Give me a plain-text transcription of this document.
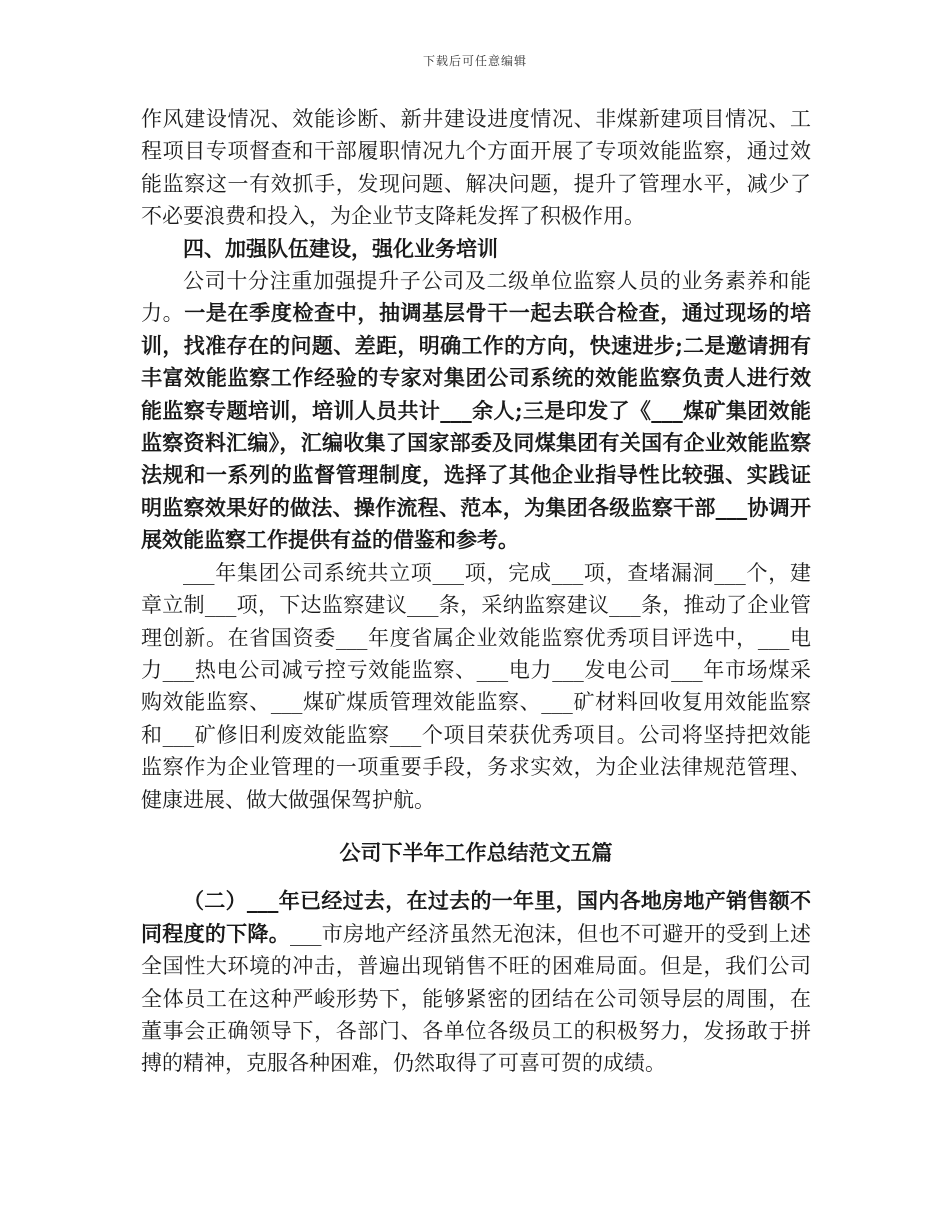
下载后可任意编辑

作风建设情况、效能诊断、新井建设进度情况、非煤新建项目情况、工程项目专项督查和干部履职情况九个方面开展了专项效能监察，通过效能监察这一有效抓手，发现问题、解决问题，提升了管理水平，减少了不必要浪费和投入，为企业节支降耗发挥了积极作用。

四、加强队伍建设，强化业务培训

公司十分注重加强提升子公司及二级单位监察人员的业务素养和能力。一是在季度检查中，抽调基层骨干一起去联合检查，通过现场的培训，找准存在的问题、差距，明确工作的方向，快速进步;二是邀请拥有丰富效能监察工作经验的专家对集团公司系统的效能监察负责人进行效能监察专题培训，培训人员共计___余人;三是印发了《___煤矿集团效能监察资料汇编》，汇编收集了国家部委及同煤集团有关国有企业效能监察法规和一系列的监督管理制度，选择了其他企业指导性比较强、实践证明监察效果好的做法、操作流程、范本，为集团各级监察干部___协调开展效能监察工作提供有益的借鉴和参考。

___年集团公司系统共立项___项，完成___项，查堵漏洞___个，建章立制___项，下达监察建议___条，采纳监察建议___条，推动了企业管理创新。在省国资委___年度省属企业效能监察优秀项目评选中，___电力___热电公司减亏控亏效能监察、___电力___发电公司___年市场煤采购效能监察、___煤矿煤质管理效能监察、___矿材料回收复用效能监察和___矿修旧利废效能监察___个项目荣获优秀项目。公司将坚持把效能监察作为企业管理的一项重要手段，务求实效，为企业法律规范管理、健康进展、做大做强保驾护航。

公司下半年工作总结范文五篇

（二）___年已经过去，在过去的一年里，国内各地房地产销售额不同程度的下降。___市房地产经济虽然无泡沫，但也不可避开的受到上述全国性大环境的冲击，普遍出现销售不旺的困难局面。但是，我们公司全体员工在这种严峻形势下，能够紧密的团结在公司领导层的周围，在董事会正确领导下，各部门、各单位各级员工的积极努力，发扬敢于拼搏的精神，克服各种困难，仍然取得了可喜可贺的成绩。
